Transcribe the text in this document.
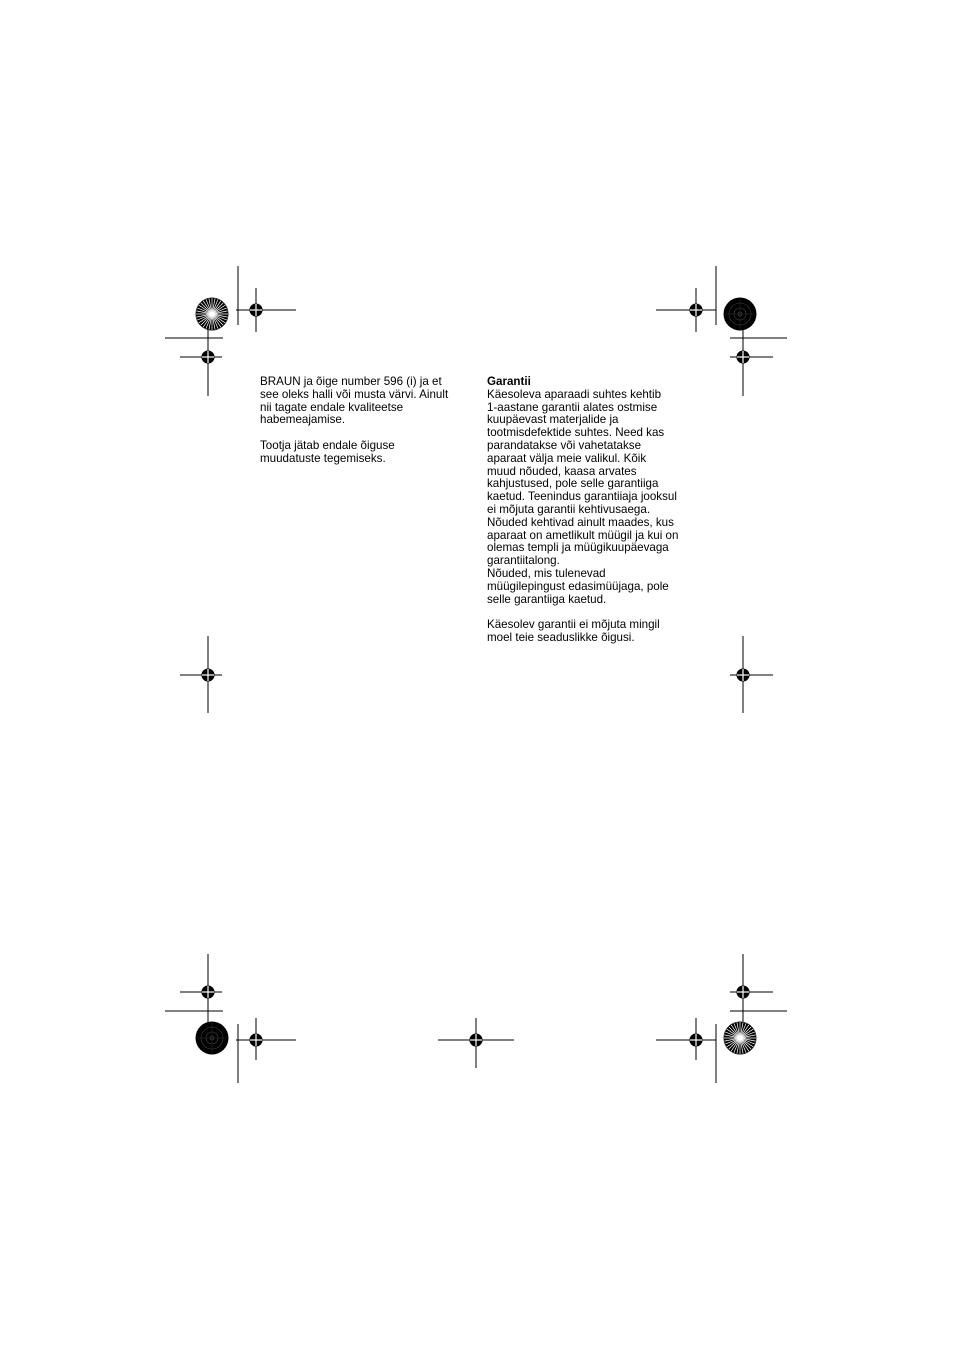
BRAUN ja õige number 596 (i) ja et

see oleks halli või musta värvi. Ainult

nii tagate endale kvaliteetse

habemeajamise.

Tootja jätab endale õiguse

muudatuste tegemiseks.

Garantii

Käesoleva aparaadi suhtes kehtib

1-aastane garantii alates ostmise

kuupäevast materjalide ja

tootmisdefektide suhtes. Need kas

parandatakse või vahetatakse

aparaat välja meie valikul. Kõik

muud nõuded, kaasa arvates

kahjustused, pole selle garantiiga

kaetud. Teenindus garantiiaja jooksul

ei mõjuta garantii kehtivusaega.

Nõuded kehtivad ainult maades, kus

aparaat on ametlikult müügil ja kui on

olemas templi ja müügikuupäevaga

garantiitalong.

Nõuded, mis tulenevad

müügilepingust edasimüüjaga, pole

selle garantiiga kaetud.

Käesolev garantii ei mõjuta mingil

moel teie seaduslikke õigusi.
